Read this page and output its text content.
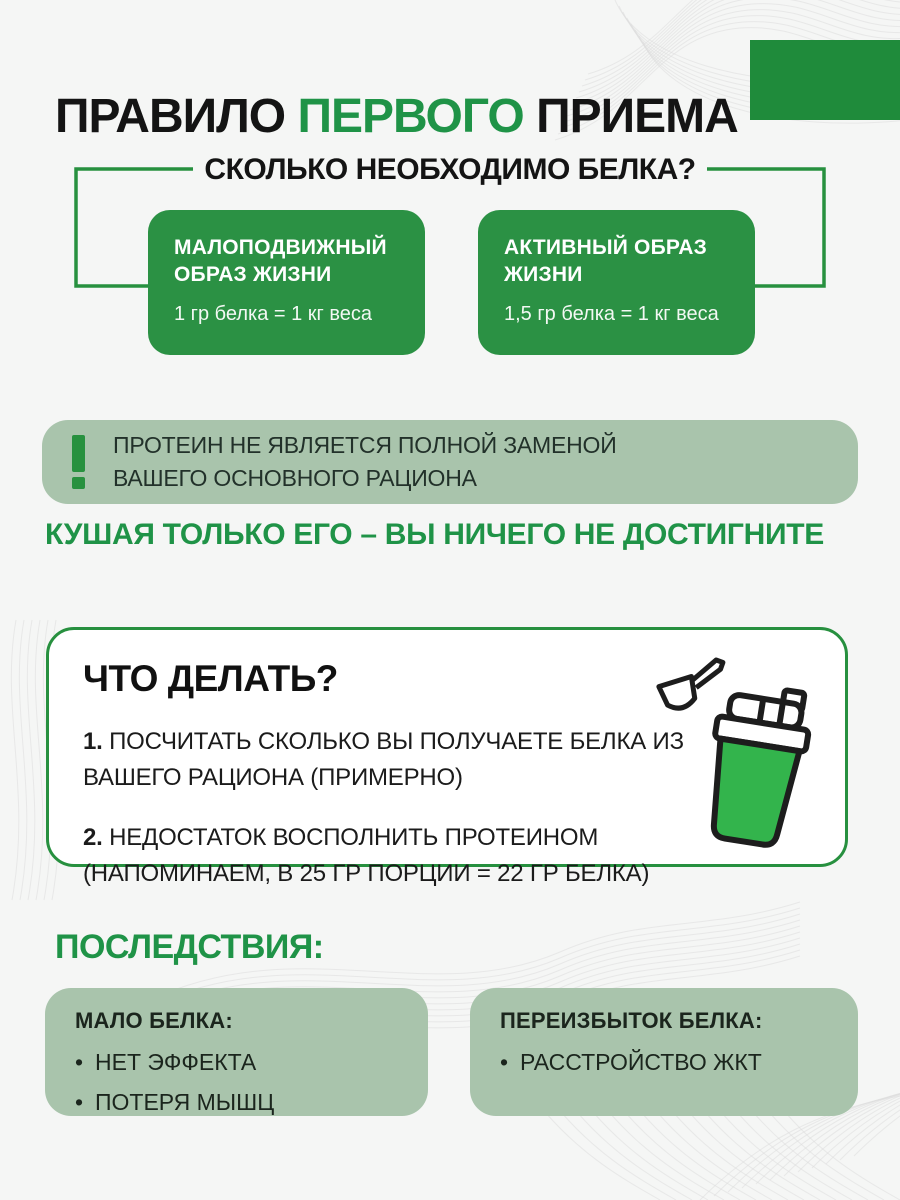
ПРАВИЛО ПЕРВОГО ПРИЕМА
СКОЛЬКО НЕОБХОДИМО БЕЛКА?
МАЛОПОДВИЖНЫЙ ОБРАЗ ЖИЗНИ
1 гр белка = 1 кг веса
АКТИВНЫЙ ОБРАЗ ЖИЗНИ
1,5 гр белка = 1 кг веса
ПРОТЕИН НЕ ЯВЛЯЕТСЯ ПОЛНОЙ ЗАМЕНОЙ
ВАШЕГО ОСНОВНОГО РАЦИОНА
КУШАЯ ТОЛЬКО ЕГО – ВЫ НИЧЕГО НЕ ДОСТИГНИТЕ
ЧТО ДЕЛАТЬ?

1. ПОСЧИТАТЬ СКОЛЬКО ВЫ ПОЛУЧАЕТЕ БЕЛКА ИЗ ВАШЕГО РАЦИОНА (ПРИМЕРНО)

2. НЕДОСТАТОК ВОСПОЛНИТЬ ПРОТЕИНОМ (НАПОМИНАЕМ, В 25 ГР ПОРЦИИ = 22 ГР БЕЛКА)

ПОСЛЕДСТВИЯ:
МАЛО БЕЛКА:
• НЕТ ЭФФЕКТА
• ПОТЕРЯ МЫШЦ
ПЕРЕИЗБЫТОК БЕЛКА:
• РАССТРОЙСТВО ЖКТ
